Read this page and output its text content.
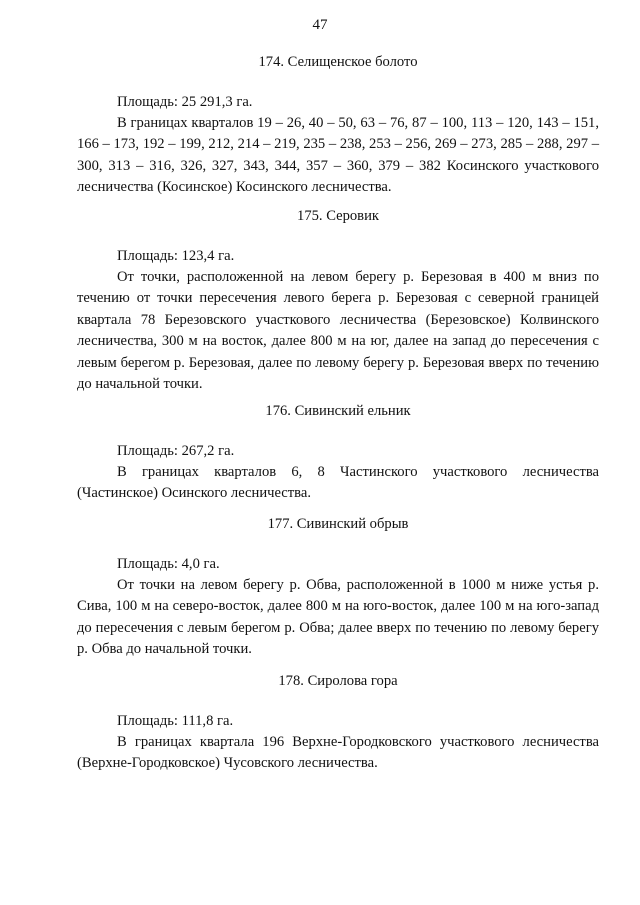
47

174. Селищенское болото

Площадь: 25 291,3 га.

В границах кварталов 19 – 26, 40 – 50, 63 – 76, 87 – 100, 113 – 120, 143 – 151, 166 – 173, 192 – 199, 212, 214 – 219, 235 – 238, 253 – 256, 269 – 273, 285 – 288, 297 – 300, 313 – 316, 326, 327, 343, 344, 357 – 360, 379 – 382 Косинского участкового лесничества (Косинское) Косинского лесничества.

175. Серовик

Площадь: 123,4 га.

От точки, расположенной на левом берегу р. Березовая в 400 м вниз по течению от точки пересечения левого берега р. Березовая с северной границей квартала 78 Березовского участкового лесничества (Березовское) Колвинского лесничества, 300 м на восток, далее 800 м на юг, далее на запад до пересечения с левым берегом р. Березовая, далее по левому берегу р. Березовая вверх по течению до начальной точки.

176. Сивинский ельник

Площадь: 267,2 га.

В границах кварталов 6, 8 Частинского участкового лесничества (Частинское) Осинского лесничества.

177. Сивинский обрыв

Площадь: 4,0 га.

От точки на левом берегу р. Обва, расположенной в 1000 м ниже устья р. Сива, 100 м на северо-восток, далее 800 м на юго-восток, далее 100 м на юго-запад до пересечения с левым берегом р. Обва; далее вверх по течению по левому берегу р. Обва до начальной точки.

178. Сиролова гора

Площадь: 111,8 га.

В границах квартала 196 Верхне-Городковского участкового лесничества (Верхне-Городковское) Чусовского лесничества.
